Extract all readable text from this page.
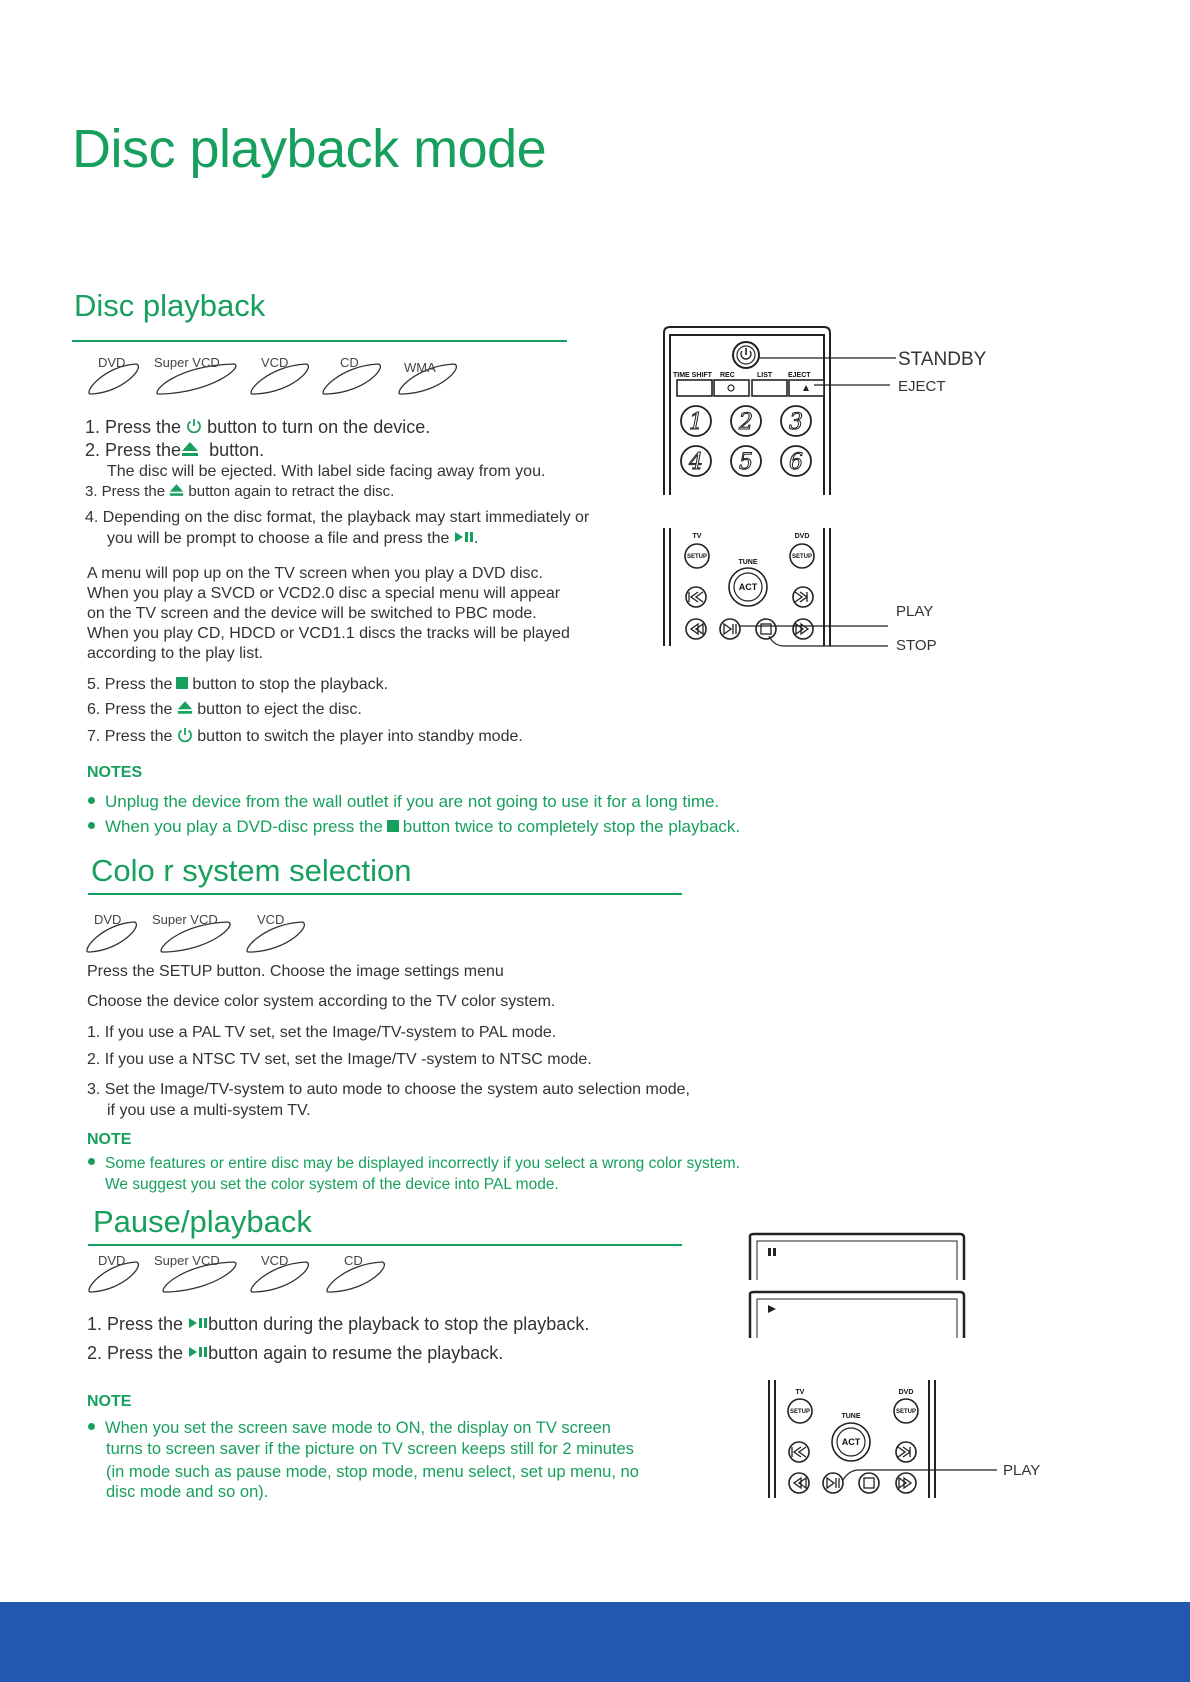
Disc playback mode
Disc playback
DVD Super VCD	VCD	CD	WMA
1. Press the button to turn on the device.
2. Press the button.
The disc will be ejected. With label side facing away from you.
3. Press the button again to retract the disc.
4. Depending on the disc format, the playback may start immediately or
you will be prompt to choose a file and press the .
A menu will pop up on the TV screen when you play a DVD disc.
When you play a SVCD or VCD2.0 disc a special menu will appear
on the TV screen and the device will be switched to PBC mode.
When you play CD, HDCD or VCD1.1 discs the tracks will be played
according to the play list.
5. Press the button to stop the playback.
6. Press the button to eject the disc.
7. Press the button to switch the player into standby mode.
NOTES
Unplug the device from the wall outlet if you are not going to use it for a long time.
When you play a DVD-disc press the button twice to completely stop the playback.
TIME SHIFT REC	LIST EJECT
1 2 3
4 5 6
STANDBY
EJECT
TV	DVD
TUNE
SETUP	SETUP
ACT
PLAY
STOP
Colo r system selection
DVD Super VCD	VCD
Press the SETUP button. Choose the image settings menu
Choose the device color system according to the TV color system.
1. If you use a PAL TV set, set the Image/TV-system to PAL mode.
2. If you use a NTSC TV set, set the Image/TV -system to NTSC mode.
3. Set the Image/TV-system to auto mode to choose the system auto selection mode,
if you use a multi-system TV.
NOTE
Some features or entire disc may be displayed incorrectly if you select a wrong color system.
We suggest you set the color system of the device into PAL mode.
Pause/playback
DVD Super VCD	VCD	CD
1. Press the button during the playback to stop the playback.
2. Press the button again to resume the playback.
NOTE
When you set the screen save mode to ON, the display on TV screen
turns to screen saver if the picture on TV screen keeps still for 2 minutes
(in mode such as pause mode, stop mode, menu select, set up menu, no
disc mode and so on).
TV	DVD
TUNE
SETUP	SETUP
ACT
PLAY
